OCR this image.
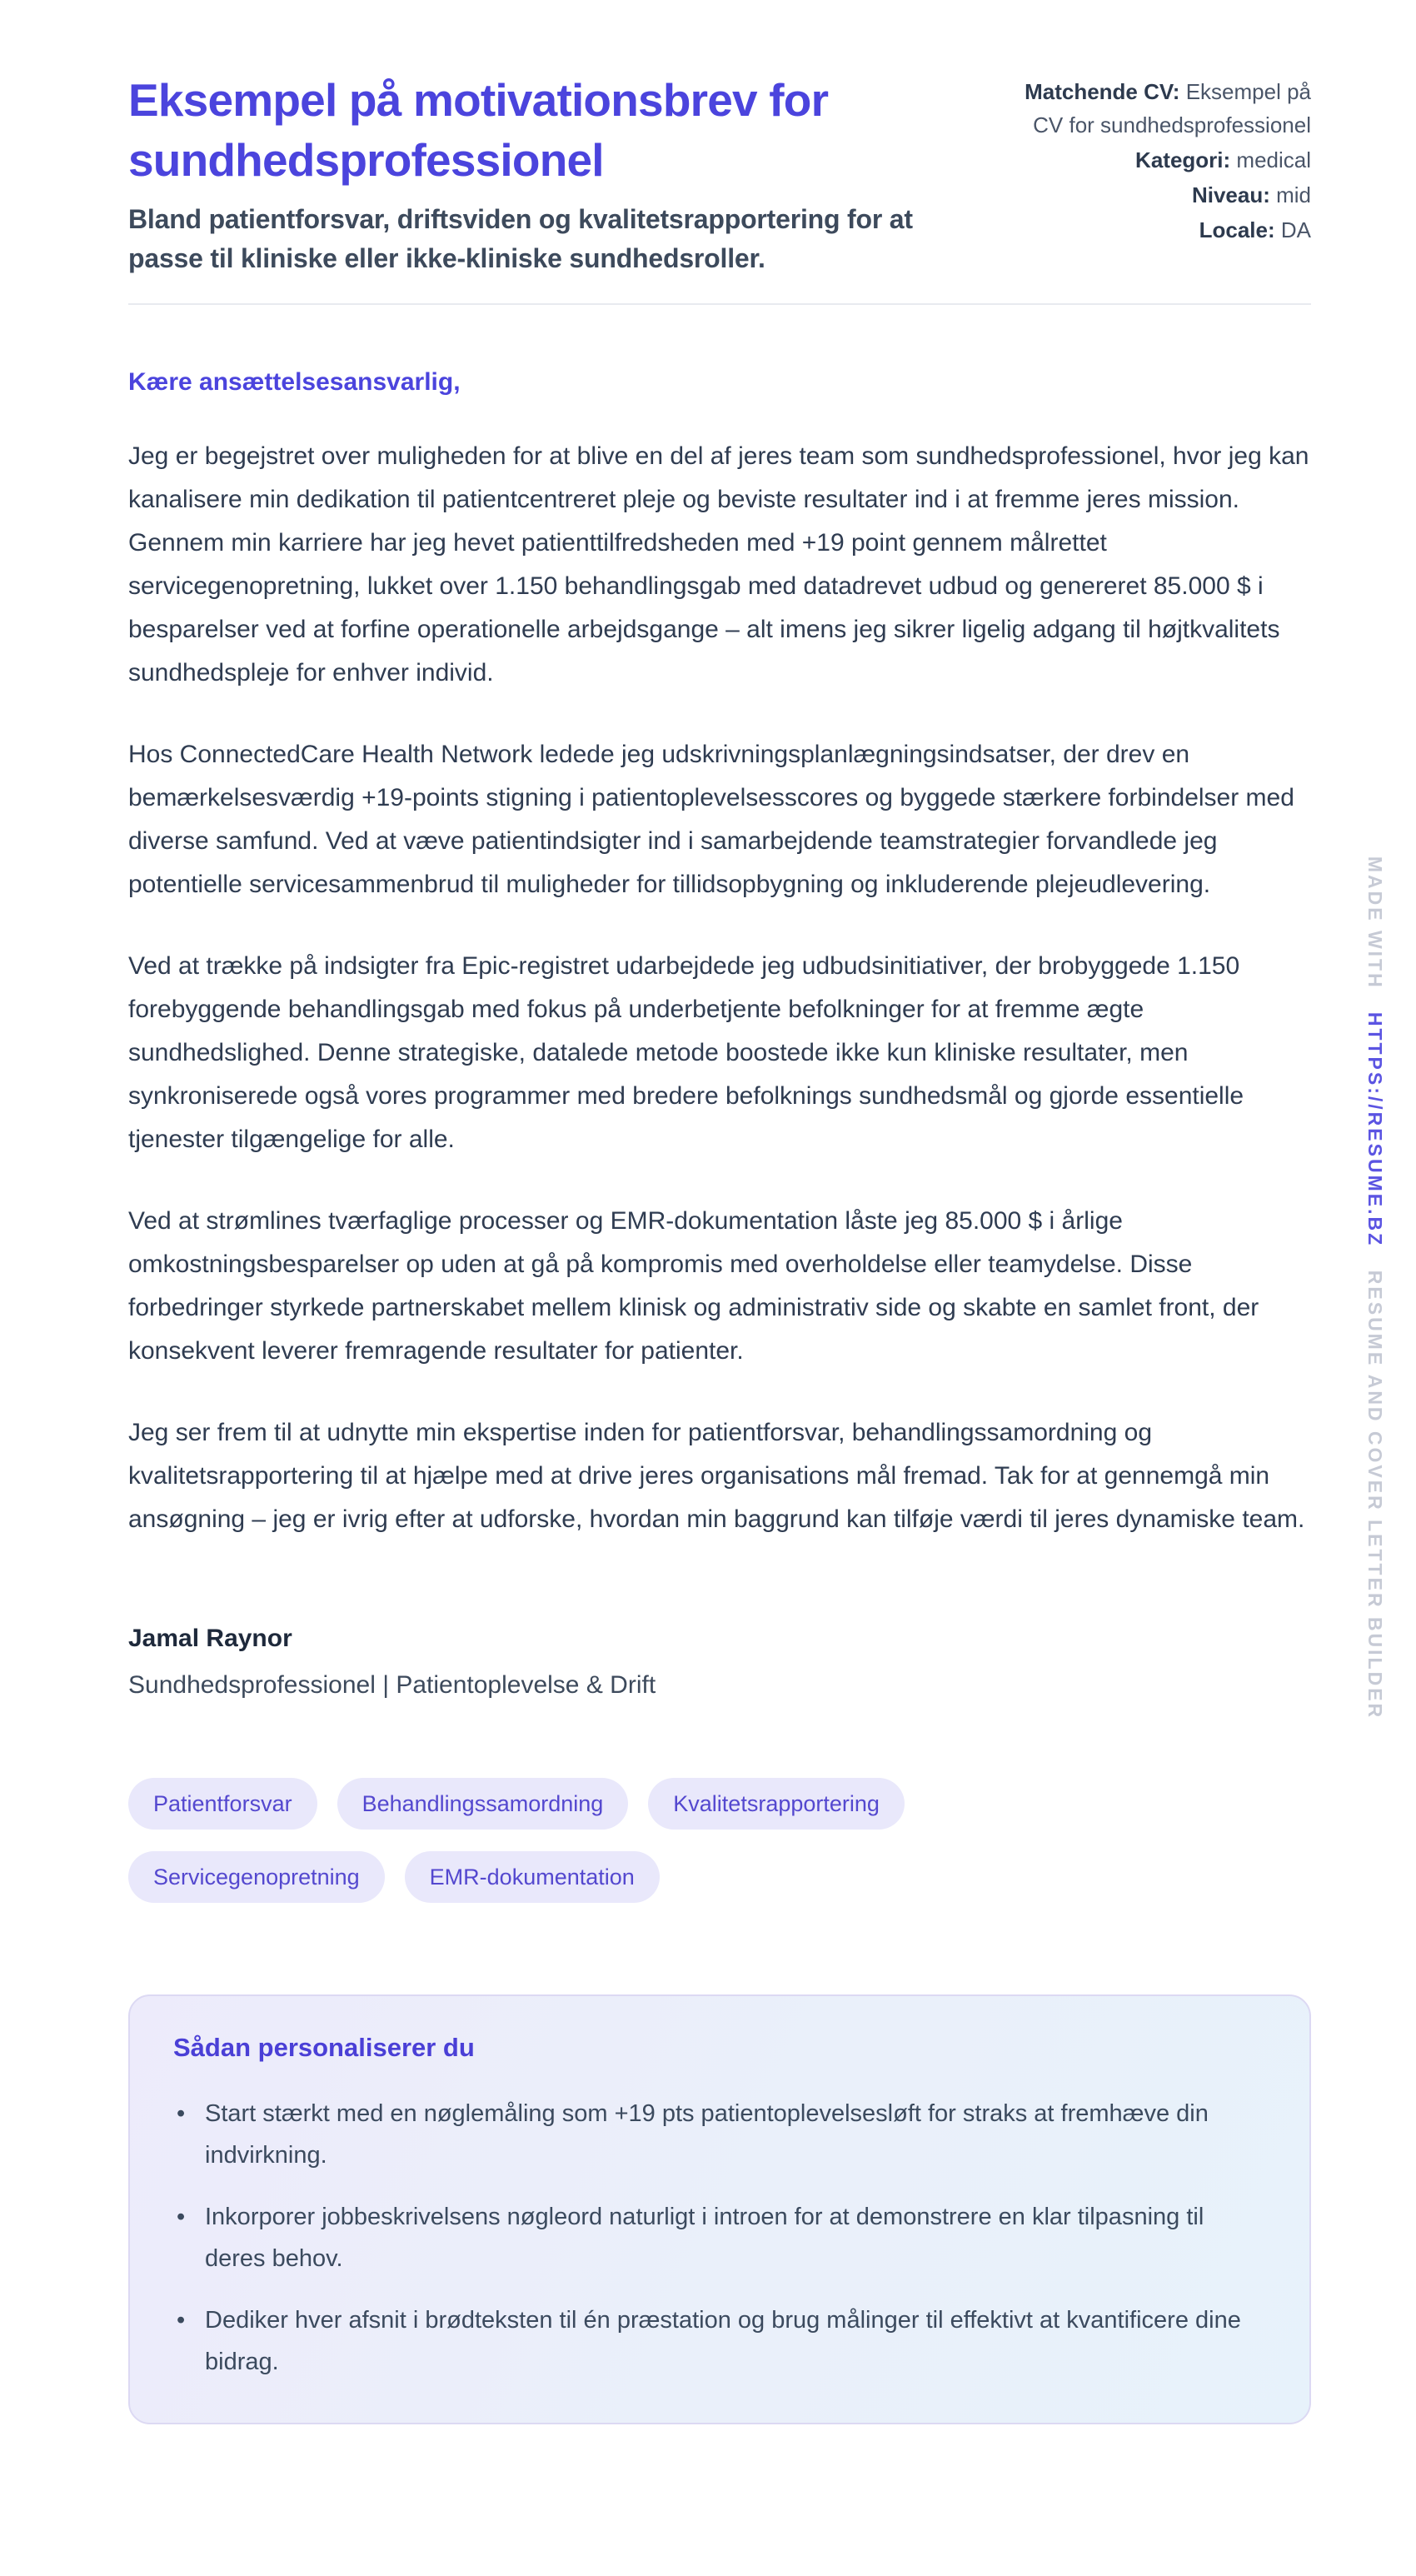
Eksempel på motivationsbrev for sundhedsprofessionel

Bland patientforsvar, driftsviden og kvalitetsrapportering for at passe til kliniske eller ikke-kliniske sundhedsroller.

Matchende CV: Eksempel på CV for sundhedsprofessionel

Kategori: medical

Niveau: mid

Locale: DA

Kære ansættelsesansvarlig,

Jeg er begejstret over muligheden for at blive en del af jeres team som sundhedsprofessionel, hvor jeg kan kanalisere min dedikation til patientcentreret pleje og beviste resultater ind i at fremme jeres mission. Gennem min karriere har jeg hevet patienttilfredsheden med +19 point gennem målrettet servicegenopretning, lukket over 1.150 behandlingsgab med datadrevet udbud og genereret 85.000 $ i besparelser ved at forfine operationelle arbejdsgange – alt imens jeg sikrer ligelig adgang til højtkvalitets sundhedspleje for enhver individ.

Hos ConnectedCare Health Network ledede jeg udskrivningsplanlægningsindsatser, der drev en bemærkelsesværdig +19-points stigning i patientoplevelsesscores og byggede stærkere forbindelser med diverse samfund. Ved at væve patientindsigter ind i samarbejdende teamstrategier forvandlede jeg potentielle servicesammenbrud til muligheder for tillidsopbygning og inkluderende plejeudlevering.

Ved at trække på indsigter fra Epic-registret udarbejdede jeg udbudsinitiativer, der brobyggede 1.150 forebyggende behandlingsgab med fokus på underbetjente befolkninger for at fremme ægte sundhedslighed. Denne strategiske, datalede metode boostede ikke kun kliniske resultater, men synkroniserede også vores programmer med bredere befolknings sundhedsmål og gjorde essentielle tjenester tilgængelige for alle.

Ved at strømlines tværfaglige processer og EMR-dokumentation låste jeg 85.000 $ i årlige omkostningsbesparelser op uden at gå på kompromis med overholdelse eller teamydelse. Disse forbedringer styrkede partnerskabet mellem klinisk og administrativ side og skabte en samlet front, der konsekvent leverer fremragende resultater for patienter.

Jeg ser frem til at udnytte min ekspertise inden for patientforsvar, behandlingssamordning og kvalitetsrapportering til at hjælpe med at drive jeres organisations mål fremad. Tak for at gennemgå min ansøgning – jeg er ivrig efter at udforske, hvordan min baggrund kan tilføje værdi til jeres dynamiske team.

Jamal Raynor

Sundhedsprofessionel | Patientoplevelse & Drift

Patientforsvar	Behandlingssamordning	Kvalitetsrapportering
Servicegenopretning	EMR-dokumentation
Sådan personaliserer du
• Start stærkt med en nøglemåling som +19 pts patientoplevelsesløft for straks at fremhæve din indvirkning.
• Inkorporer jobbeskrivelsens nøgleord naturligt i introen for at demonstrere en klar tilpasning til deres behov.
• Dediker hver afsnit i brødteksten til én præstation og brug målinger til effektivt at kvantificere dine bidrag.
MADE WITH HTTPS://RESUME.BZ RESUME AND COVER LETTER BUILDER
